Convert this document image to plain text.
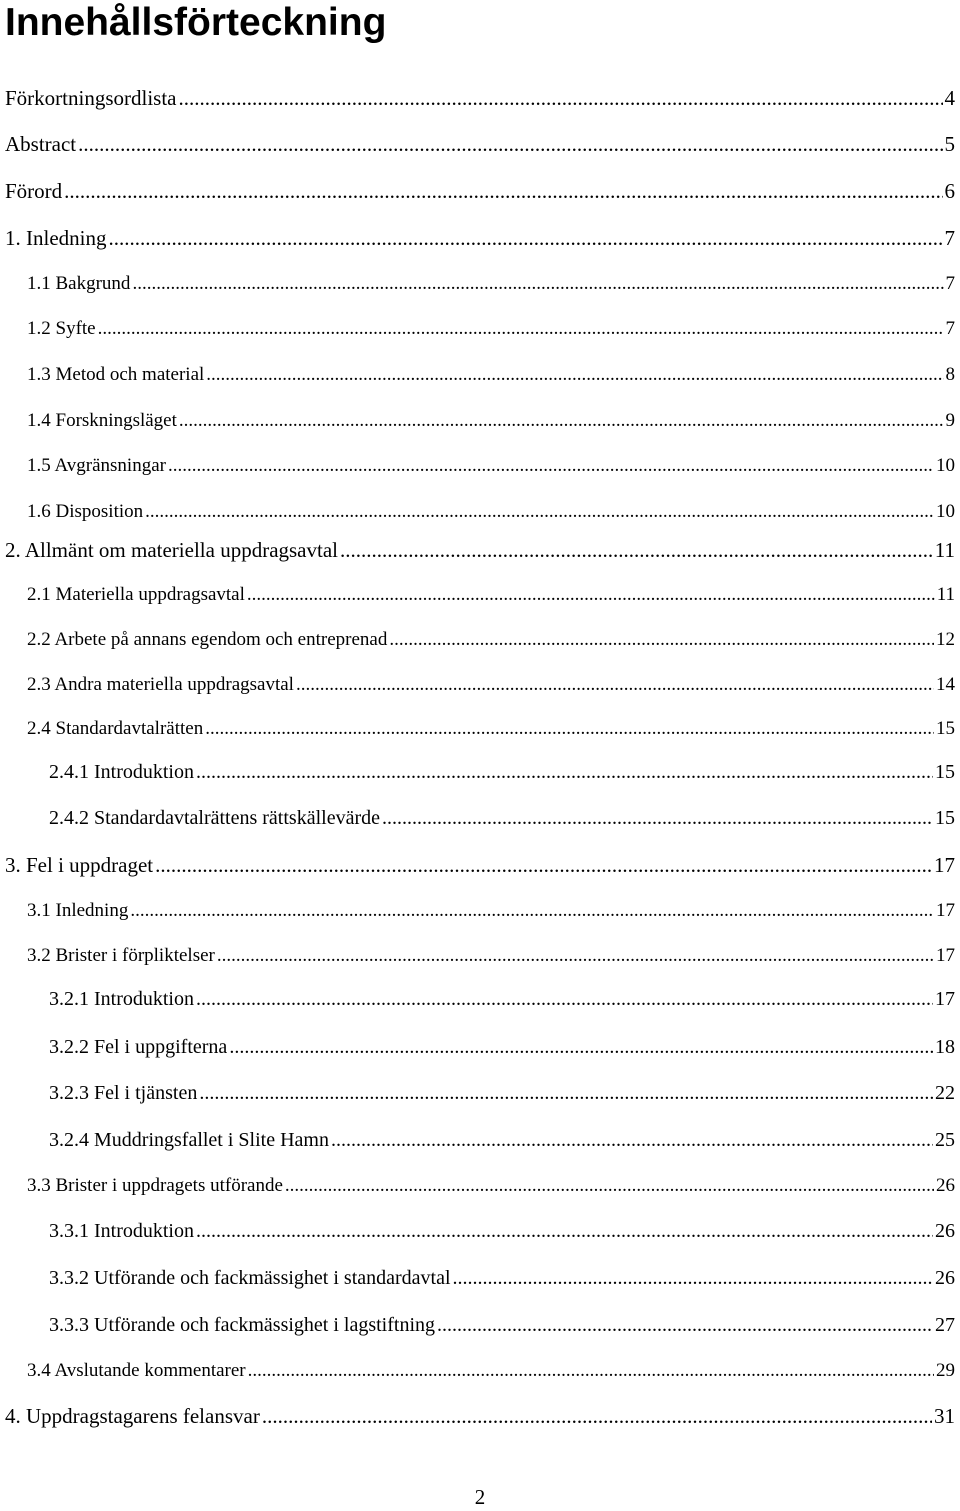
Innehållsförteckning
Förkortningsordlista .....	4
Abstract .....	5
Förord .....	6
1. Inledning .....	7
1.1 Bakgrund .....	7
1.2 Syfte .....	7
1.3 Metod och material .....	8
1.4 Forskningsläget .....	9
1.5 Avgränsningar .....	10
1.6 Disposition .....	10
2. Allmänt om materiella uppdragsavtal .....	11
2.1 Materiella uppdragsavtal .....	11
2.2 Arbete på annans egendom och entreprenad .....	12
2.3 Andra materiella uppdragsavtal .....	14
2.4 Standardavtalrätten .....	15
2.4.1 Introduktion .....	15
2.4.2 Standardavtalrättens rättskällevärde .....	15
3. Fel i uppdraget .....	17
3.1 Inledning .....	17
3.2 Brister i förpliktelser .....	17
3.2.1 Introduktion .....	17
3.2.2 Fel i uppgifterna .....	18
3.2.3 Fel i tjänsten .....	22
3.2.4 Muddringsfallet i Slite Hamn .....	25
3.3 Brister i uppdragets utförande .....	26
3.3.1 Introduktion .....	26
3.3.2 Utförande och fackmässighet i standardavtal .....	26
3.3.3 Utförande och fackmässighet i lagstiftning .....	27
3.4 Avslutande kommentarer .....	29
4. Uppdragstagarens felansvar .....	31
2
